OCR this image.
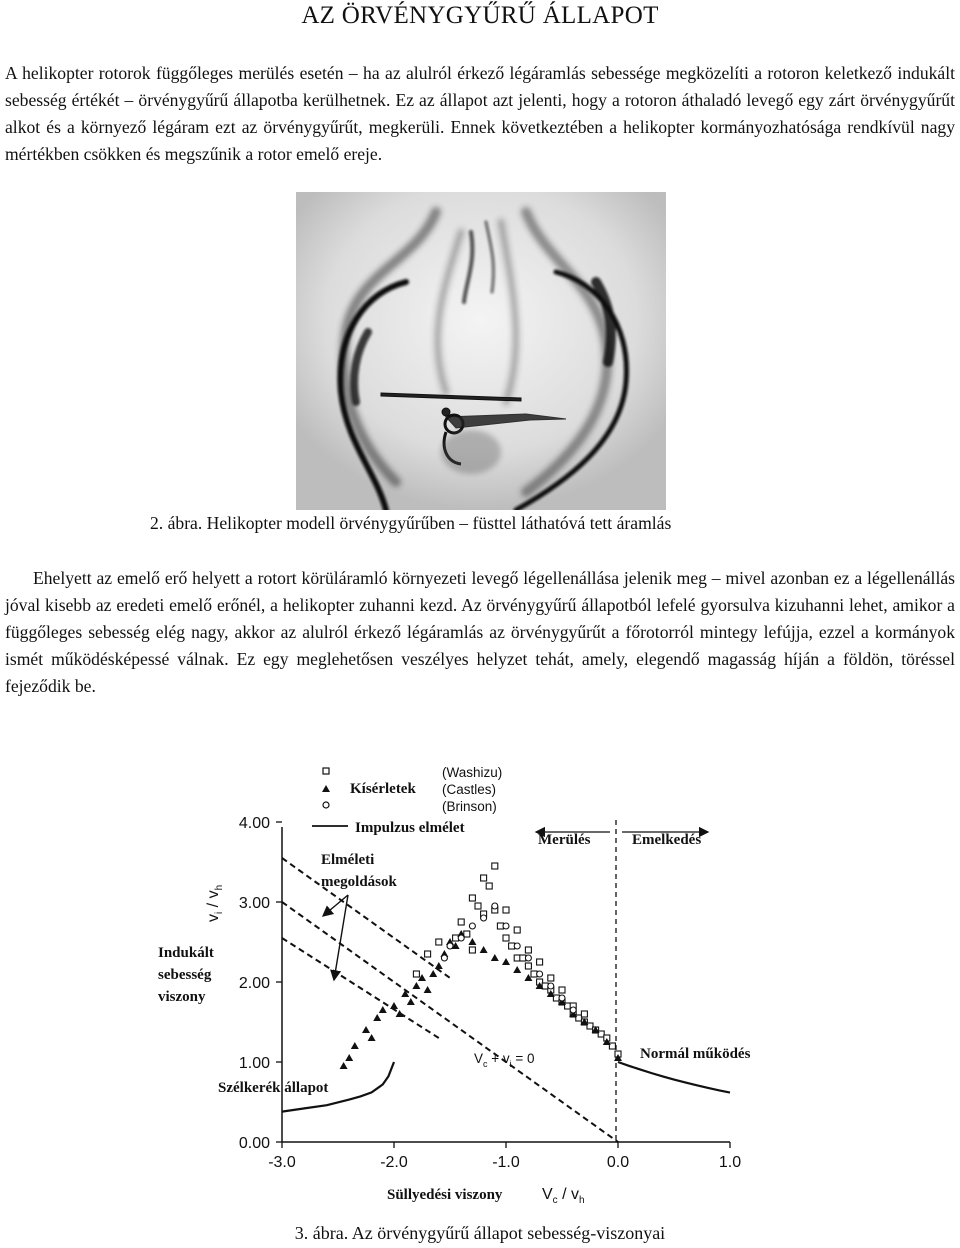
AZ ÖRVÉNYGYŰRŰ ÁLLAPOT

A helikopter rotorok függőleges merülés esetén – ha az alulról érkező légáramlás sebessége megközelíti a rotoron keletkező indukált sebesség értékét – örvénygyűrű állapotba kerülhetnek. Ez az állapot azt jelenti, hogy a rotoron áthaladó levegő egy zárt örvénygyűrűt alkot és a környező légáram ezt az örvénygyűrűt, megkerüli. Ennek következtében a helikopter kormányozhatósága rendkívül nagy mértékben csökken és megszűnik a rotor emelő ereje.

2. ábra. Helikopter modell örvénygyűrűben – füsttel láthatóvá tett áramlás

Ehelyett az emelő erő helyett a rotort körüláramló környezeti levegő légellenállása jelenik meg – mivel azonban ez a légellenállás jóval kisebb az eredeti emelő erőnél, a helikopter zuhanni kezd. Az örvénygyűrű állapotból lefelé gyorsulva kizuhanni lehet, amikor a függőleges sebesség elég nagy, akkor az alulról érkező légáramlás az örvénygyűrűt a főrotorról mintegy lefújja, ezzel a kormányok ismét működésképessé válnak. Ez egy meglehetősen veszélyes helyzet tehát, amely, elegendő magasság híján a földön, töréssel fejeződik be.

-3.0	-2.0	-1.0	0.0	1.0
0.00
1.00
2.00
3.00
4.00
$v_i / v_h$
Indukált
sebesség
viszony
Süllyedési viszony $V_c / v_h$
Kísérletek
(Washizu)
(Castles)
(Brinson)
Impulzus elmélet
Elméleti
megoldások
Merülés	Emelkedés
Szélkerék állapot
Normál működés
$V_c + v_i = 0$
3. ábra. Az örvénygyűrű állapot sebesség-viszonyai
